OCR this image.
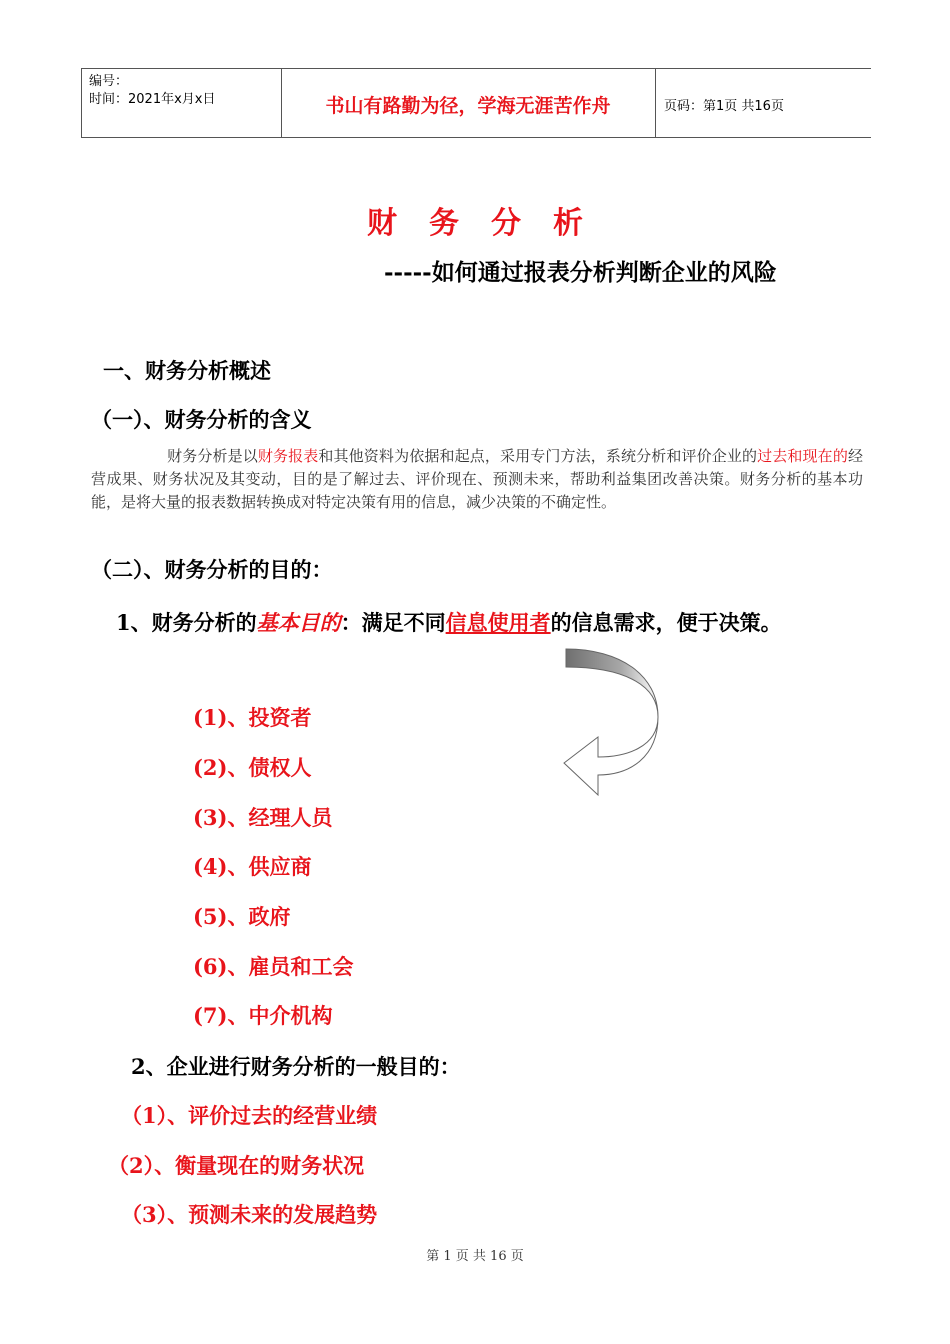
编号：
时间：2021年x月x日	书山有路勤为径，学海无涯苦作舟	页码：第1页 共16页
财务分析
-----如何通过报表分析判断企业的风险
一、财务分析概述
（一）、财务分析的含义
财务分析是以财务报表和其他资料为依据和起点，采用专门方法，系统分析和评价企业的过去和现在的经营成果、财务状况及其变动，目的是了解过去、评价现在、预测未来，帮助利益集团改善决策。财务分析的基本功能，是将大量的报表数据转换成对特定决策有用的信息，减少决策的不确定性。
（二）、财务分析的目的：
1、财务分析的基本目的：满足不同信息使用者的信息需求，便于决策。
(1)、投资者
(2)、债权人
(3)、经理人员
(4)、供应商
(5)、政府
(6)、雇员和工会
(7)、中介机构
2、企业进行财务分析的一般目的：
（1）、评价过去的经营业绩
（2）、衡量现在的财务状况
（3）、预测未来的发展趋势
第 1 页 共 16 页
